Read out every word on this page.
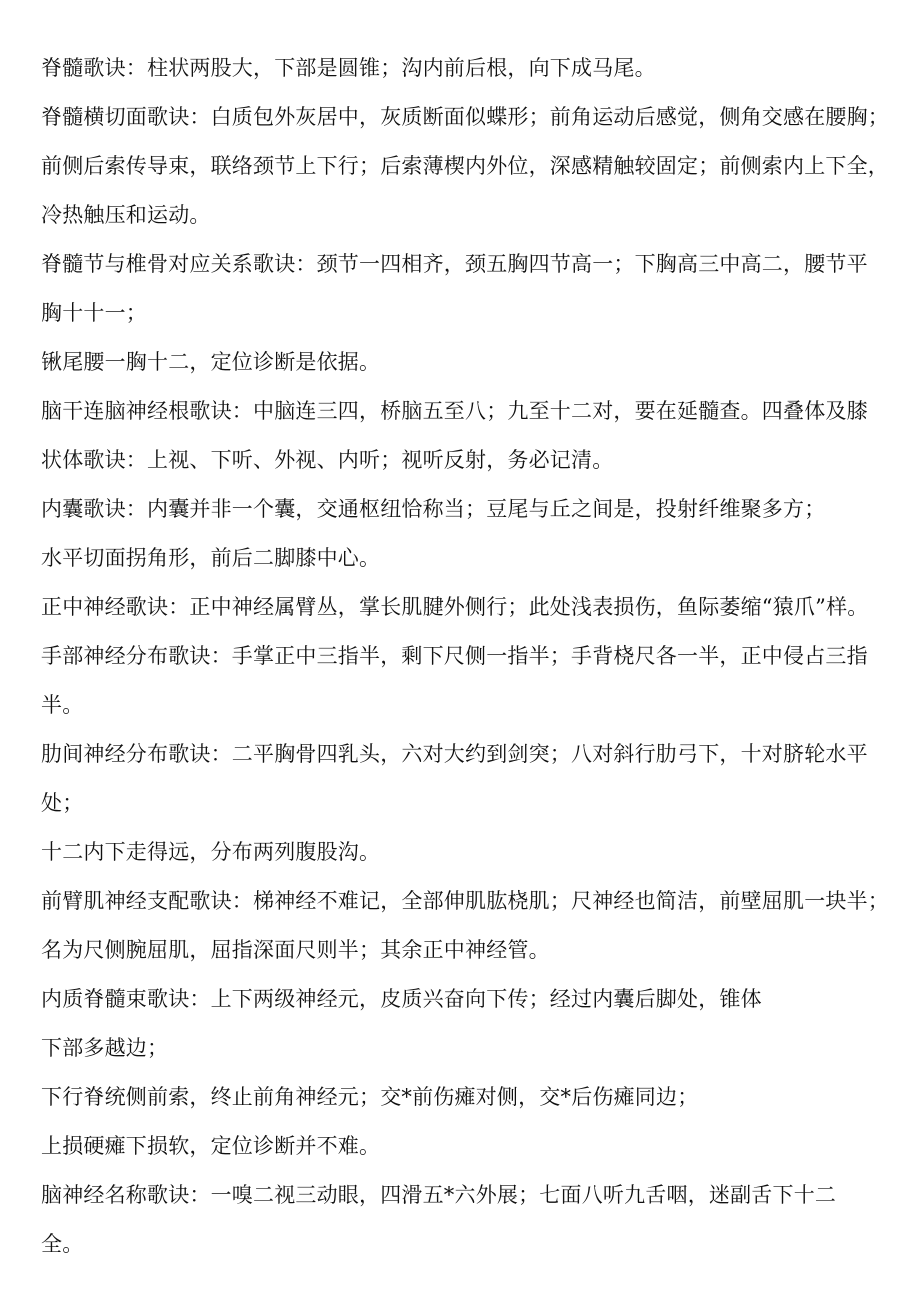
脊髓歌诀：柱状两股大，下部是圆锥；沟内前后根，向下成马尾。
脊髓横切面歌诀：白质包外灰居中，灰质断面似蝶形；前角运动后感觉，侧角交感在腰胸；
前侧后索传导束，联络颈节上下行；后索薄楔内外位，深感精触较固定；前侧索内上下全，
冷热触压和运动。
脊髓节与椎骨对应关系歌诀：颈节一四相齐，颈五胸四节高一；下胸高三中高二，腰节平
胸十十一；
锹尾腰一胸十二，定位诊断是依据。
脑干连脑神经根歌诀：中脑连三四，桥脑五至八；九至十二对，要在延髓查。四叠体及膝
状体歌诀：上视、下听、外视、内听；视听反射，务必记清。
内囊歌诀：内囊并非一个囊，交通枢纽恰称当；豆尾与丘之间是，投射纤维聚多方；
水平切面拐角形，前后二脚膝中心。
正中神经歌诀：正中神经属臂丛，掌长肌腱外侧行；此处浅表损伤，鱼际萎缩“猿爪”样。
手部神经分布歌诀：手掌正中三指半，剩下尺侧一指半；手背桡尺各一半，正中侵占三指
半。
肋间神经分布歌诀：二平胸骨四乳头，六对大约到剑突；八对斜行肋弓下，十对脐轮水平
处；
十二内下走得远，分布两列腹股沟。
前臂肌神经支配歌诀：梯神经不难记，全部伸肌肱桡肌；尺神经也简洁，前壁屈肌一块半；
名为尺侧腕屈肌，屈指深面尺则半；其余正中神经管。
内质脊髓束歌诀：上下两级神经元，皮质兴奋向下传；经过内囊后脚处，锥体
下部多越边；
下行脊统侧前索，终止前角神经元；交*前伤瘫对侧，交*后伤瘫同边；
上损硬瘫下损软，定位诊断并不难。
脑神经名称歌诀：一嗅二视三动眼，四滑五*六外展；七面八听九舌咽，迷副舌下十二
全。
